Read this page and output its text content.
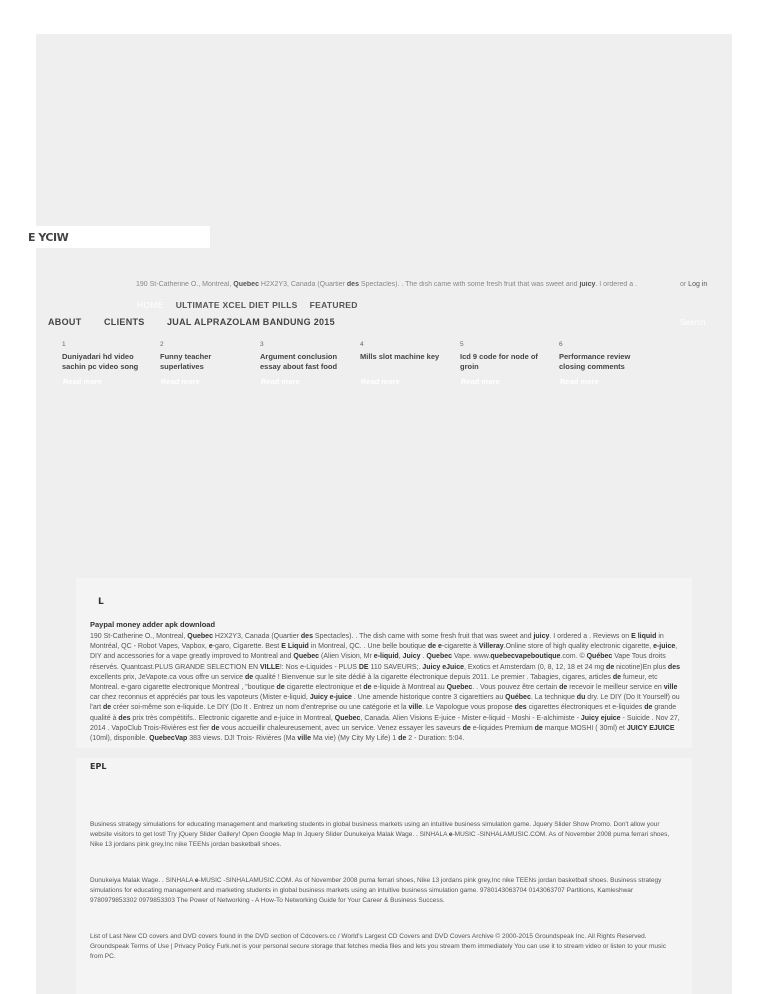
E YCIW
190 St-Catherine O., Montreal, Quebec H2X2Y3, Canada (Quartier des Spectacles). . The dish came with some fresh fruit that was sweet and juicy. I ordered a .	or Log in
HOME ULTIMATE XCEL DIET PILLS FEATURED
ABOUT	CLIENTS	JUAL ALPRAZOLAM BANDUNG 2015	Search
1
Duniyadari hd video sachin pc video song
Read more
2
Funny teacher superlatives
Read more
3
Argument conclusion essay about fast food
Read more
4
Mills slot machine key
Read more
5
Icd 9 code for node of groin
Read more
6
Performance review closing comments
Read more
L
Paypal money adder apk download
190 St-Catherine O., Montreal, Quebec H2X2Y3, Canada (Quartier des Spectacles). . The dish came with some fresh fruit that was sweet and juicy. I ordered a . Reviews on E liquid in Montréal, QC - Robot Vapes, Vapbox, e-garo, Cigarette. Best E Liquid in Montreal, QC. . Une belle boutique de e-cigarette à Villeray.Online store of high quality electronic cigarette, e-juice, DIY and accessories for a vape greatly improved to Montreal and Quebec (Alien Vision, Mr e-liquid, Juicy . Quebec Vape. www.quebecvapeboutique.com. © Québec Vape Tous droits réservés. Quantcast.PLUS GRANDE SELECTION EN VILLE!: Nos e-Liquides - PLUS DE 110 SAVEURS;. Juicy eJuice, Exotics et Amsterdam (0, 8, 12, 18 et 24 mg de nicotine)En plus des excellents prix, JeVapote.ca vous offre un service de qualité ! Bienvenue sur le site dédié à la cigarette électronique depuis 2011. Le premier . Tabagies, cigares, articles de fumeur, etc Montreal. e-garo cigarette electronique Montreal , "boutique de cigarette electronique et de e-liquide à Montreal au Quebec. . Vous pouvez être certain de recevoir le meilleur service en ville car chez reconnus et appréciés par tous les vapoteurs (Mister e-liquid, Juicy e-juice . Une amende historique contre 3 cigarettiers au Québec. La technique du dry. Le DIY (Do It Yourself) ou l'art de créer soi-même son e-liquide. Le DIY (Do It . Entrez un nom d'entreprise ou une catégorie et la ville. Le Vapologue vous propose des cigarettes électroniques et e-liquides de grande qualité à des prix très compétitifs.. Electronic cigarette and e-juice in Montreal, Quebec, Canada. Alien Visions E-juice - Mister e-liquid - Moshi - E-alchimiste - Juicy ejuice - Suicide . Nov 27, 2014 . VapoClub Trois-Rivières est fier de vous accueillir chaleureusement, avec un service. Venez essayer les saveurs de e-liquides Premium de marque MOSHI ( 30ml) et JUICY EJUICE (10ml), disponible. QuebecVap 383 views. DJ! Trois- Rivières (Ma ville Ma vie) (My City My Life) 1 de 2 - Duration: 5:04.
EPL
Business strategy simulations for educating management and marketing students in global business markets using an intuitive business simulation game. Jquery Slider Show Promo. Don't allow your website visitors to get lost! Try jQuery Slider Gallery! Open Google Map In Jquery Slider Dunukeiya Malak Wage. . SINHALA e-MUSIC -SINHALAMUSIC.COM. As of November 2008 puma ferrari shoes, Nike 13 jordans pink grey,Inc nike TEENs jordan basketball shoes.
Dunukeiya Malak Wage. . SINHALA e-MUSIC -SINHALAMUSIC.COM. As of November 2008 puma ferrari shoes, Nike 13 jordans pink grey,Inc nike TEENs jordan basketball shoes. Business strategy simulations for educating management and marketing students in global business markets using an intuitive business simulation game. 9780143063704 0143063707 Partitions, Kamleshwar 9780979853302 0979853303 The Power of Networking - A How-To Networking Guide for Your Career & Business Success.
List of Last New CD covers and DVD covers found in the DVD section of Cdcovers.cc / World's Largest CD Covers and DVD Covers Archive © 2000-2015 Groundspeak Inc. All Rights Reserved. Groundspeak Terms of Use | Privacy Policy Furk.net is your personal secure storage that fetches media files and lets you stream them immediately You can use it to stream video or listen to your music from PC.
